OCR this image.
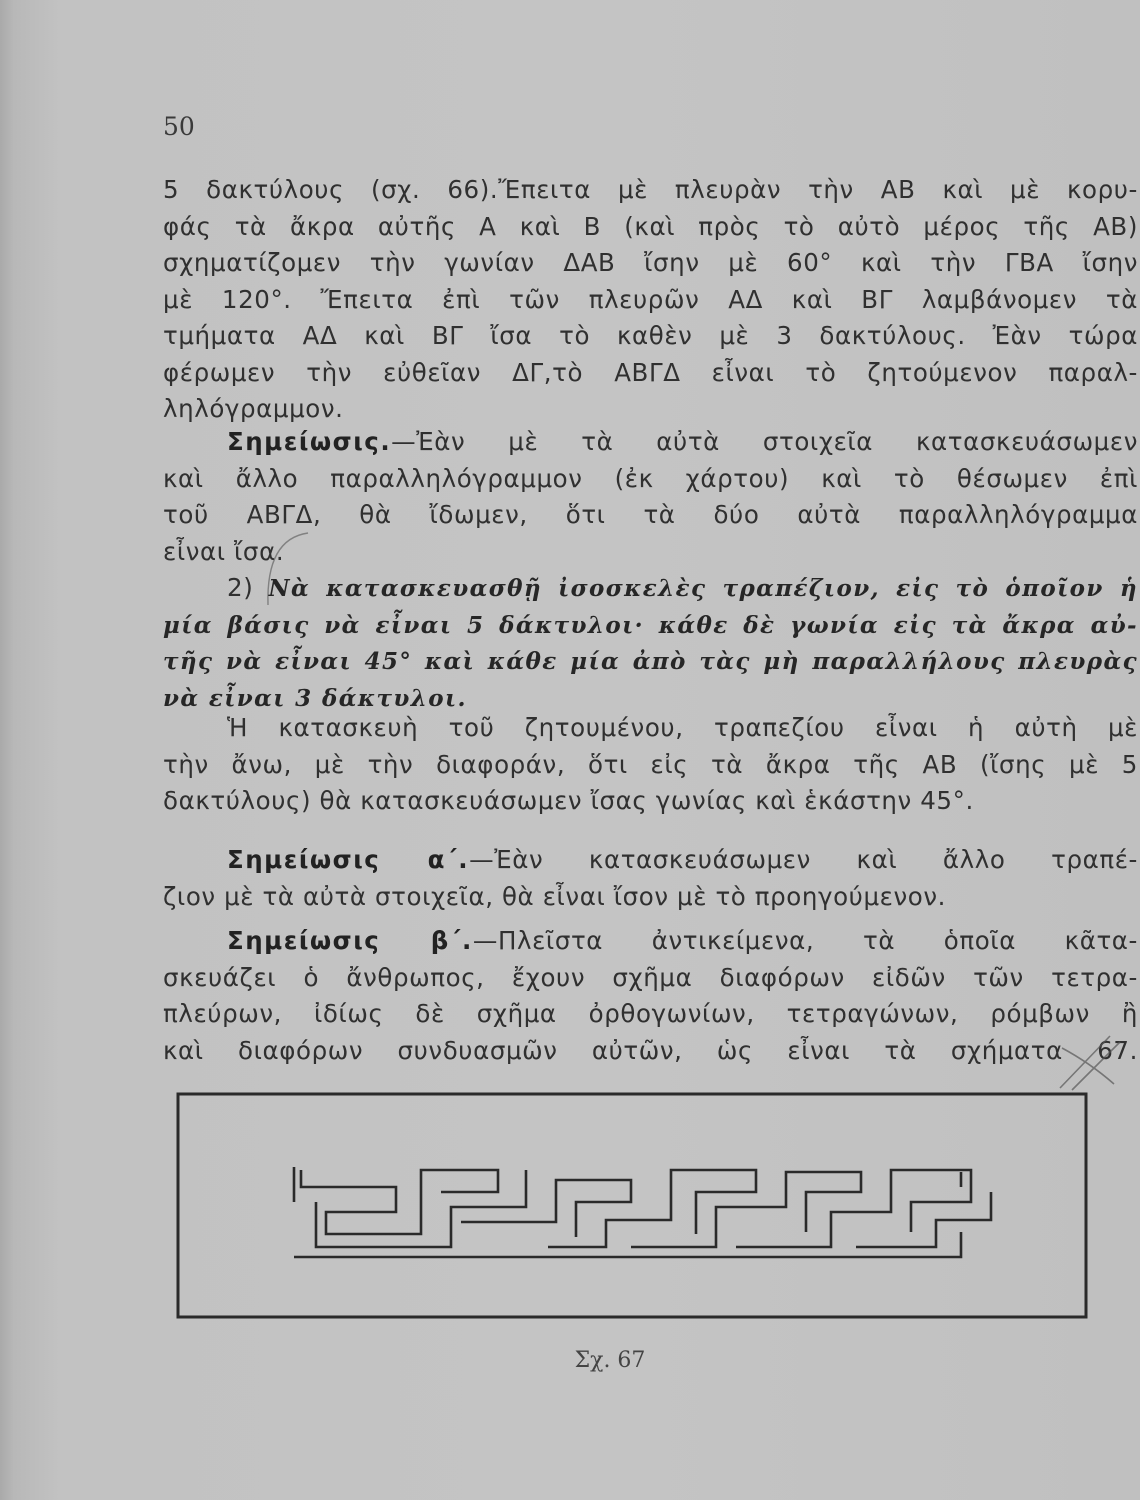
50
5 δακτύλους (σχ. 66).Ἔπειτα μὲ πλευρὰν τὴν ΑΒ καὶ μὲ κορυ-
φάς τὰ ἄκρα αὐτῆς Α καὶ Β (καὶ πρὸς τὸ αὐτὸ μέρος τῆς ΑΒ)
σχηματίζομεν τὴν γωνίαν ΔΑΒ ἴσην μὲ 60° καὶ τὴν ΓΒΑ ἴσην
μὲ 120°. Ἔπειτα ἐπὶ τῶν πλευρῶν ΑΔ καὶ ΒΓ λαμβάνομεν τὰ
τμήματα ΑΔ καὶ ΒΓ ἴσα τὸ καθὲν μὲ 3 δακτύλους. Ἐὰν τώρα
φέρωμεν τὴν εὐθεῖαν ΔΓ,τὸ ΑΒΓΔ εἶναι τὸ ζητούμενον παραλ-
ληλόγραμμον.
Σημείωσις.—Ἐὰν μὲ τὰ αὐτὰ στοιχεῖα κατασκευάσωμεν
καὶ ἄλλο παραλληλόγραμμον (ἐκ χάρτου) καὶ τὸ θέσωμεν ἐπὶ
τοῦ ΑΒΓΔ, θὰ ἴδωμεν, ὅτι τὰ δύο αὐτὰ παραλληλόγραμμα
εἶναι ἴσα.
2) Νὰ κατασκευασθῇ ἰσοσκελὲς τραπέζιον, εἰς τὸ ὁποῖον ἡ
μία βάσις νὰ εἶναι 5 δάκτυλοι· κάθε δὲ γωνία εἰς τὰ ἄκρα αὐ-
τῆς νὰ εἶναι 45° καὶ κάθε μία ἀπὸ τὰς μὴ παραλλήλους πλευρὰς
νὰ εἶναι 3 δάκτυλοι.
Ἡ κατασκευὴ τοῦ ζητουμένου, τραπεζίου εἶναι ἡ αὐτὴ μὲ
τὴν ἄνω, μὲ τὴν διαφοράν, ὅτι εἰς τὰ ἄκρα τῆς ΑΒ (ἴσης μὲ 5
δακτύλους) θὰ κατασκευάσωμεν ἴσας γωνίας καὶ ἑκάστην 45°.
Σημείωσις α΄.—Ἐὰν κατασκευάσωμεν καὶ ἄλλο τραπέ-
ζιον μὲ τὰ αὐτὰ στοιχεῖα, θὰ εἶναι ἴσον μὲ τὸ προηγούμενον.
Σημείωσις β΄.—Πλεῖστα ἀντικείμενα, τὰ ὁποῖα κᾶτα-
σκευάζει ὁ ἄνθρωπος, ἔχουν σχῆμα διαφόρων εἰδῶν τῶν τετρα-
πλεύρων, ἰδίως δὲ σχῆμα ὀρθογωνίων, τετραγώνων, ρόμβων ἢ
καὶ διαφόρων συνδυασμῶν αὐτῶν, ὡς εἶναι τὰ σχήματα 67.
Σχ. 67
